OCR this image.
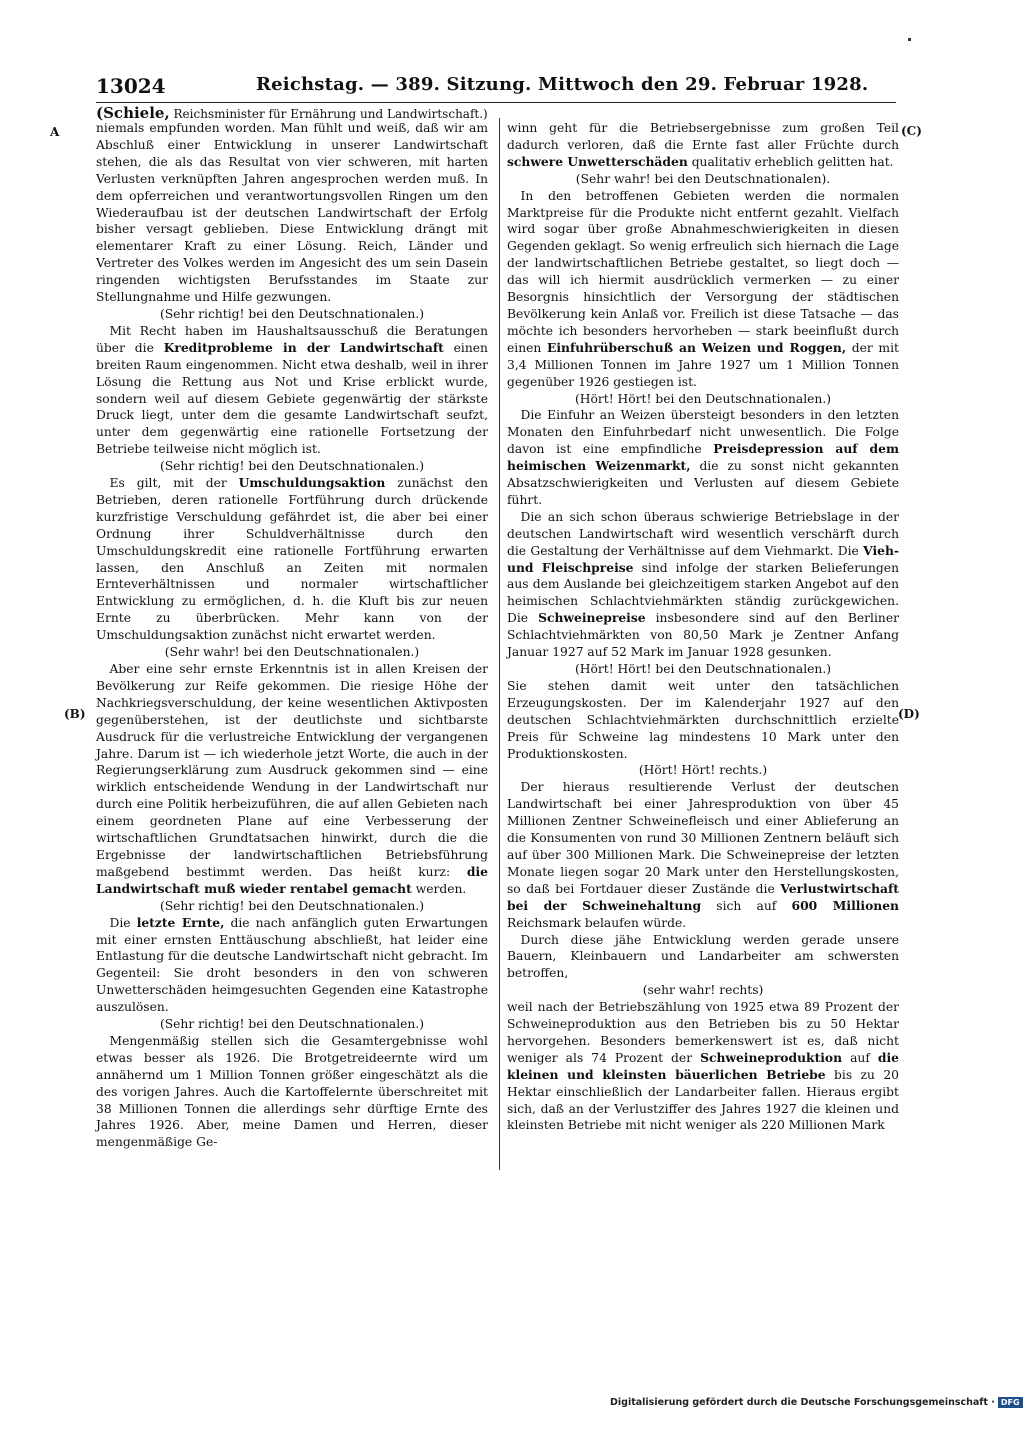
13024	Reichstag. — 389. Sitzung. Mittwoch den 29. Februar 1928.
(Schiele, Reichsminister für Ernährung und Landwirtschaft.)
A
(B)
(C)
(D)

niemals empfunden worden. Man fühlt und weiß, daß wir am Abschluß einer Entwicklung in unserer Landwirtschaft stehen, die als das Resultat von vier schweren, mit harten Verlusten verknüpften Jahren angesprochen werden muß. In dem opferreichen und verantwortungsvollen Ringen um den Wiederaufbau ist der deutschen Landwirtschaft der Erfolg bisher versagt geblieben. Diese Entwicklung drängt mit elementarer Kraft zu einer Lösung. Reich, Länder und Vertreter des Volkes werden im Angesicht des um sein Dasein ringenden wichtigsten Berufsstandes im Staate zur Stellungnahme und Hilfe gezwungen.

(Sehr richtig! bei den Deutschnationalen.)

Mit Recht haben im Haushaltsausschuß die Beratungen über die Kreditprobleme in der Landwirtschaft einen breiten Raum eingenommen. Nicht etwa deshalb, weil in ihrer Lösung die Rettung aus Not und Krise erblickt wurde, sondern weil auf diesem Gebiete gegenwärtig der stärkste Druck liegt, unter dem die gesamte Landwirtschaft seufzt, unter dem gegenwärtig eine rationelle Fortsetzung der Betriebe teilweise nicht möglich ist.

(Sehr richtig! bei den Deutschnationalen.)

Es gilt, mit der Umschuldungsaktion zunächst den Betrieben, deren rationelle Fortführung durch drückende kurzfristige Verschuldung gefährdet ist, die aber bei einer Ordnung ihrer Schuldverhältnisse durch den Umschuldungskredit eine rationelle Fortführung erwarten lassen, den Anschluß an Zeiten mit normalen Ernteverhältnissen und normaler wirtschaftlicher Entwicklung zu ermöglichen, d. h. die Kluft bis zur neuen Ernte zu überbrücken. Mehr kann von der Umschuldungsaktion zunächst nicht erwartet werden.

(Sehr wahr! bei den Deutschnationalen.)

Aber eine sehr ernste Erkenntnis ist in allen Kreisen der Bevölkerung zur Reife gekommen. Die riesige Höhe der Nachkriegsverschuldung, der keine wesentlichen Aktivposten gegenüberstehen, ist der deutlichste und sichtbarste Ausdruck für die verlustreiche Entwicklung der vergangenen Jahre. Darum ist — ich wiederhole jetzt Worte, die auch in der Regierungserklärung zum Ausdruck gekommen sind — eine wirklich entscheidende Wendung in der Landwirtschaft nur durch eine Politik herbeizuführen, die auf allen Gebieten nach einem geordneten Plane auf eine Verbesserung der wirtschaftlichen Grundtatsachen hinwirkt, durch die die Ergebnisse der landwirtschaftlichen Betriebsführung maßgebend bestimmt werden. Das heißt kurz: die Landwirtschaft muß wieder rentabel gemacht werden.

(Sehr richtig! bei den Deutschnationalen.)

Die letzte Ernte, die nach anfänglich guten Erwartungen mit einer ernsten Enttäuschung abschließt, hat leider eine Entlastung für die deutsche Landwirtschaft nicht gebracht. Im Gegenteil: Sie droht besonders in den von schweren Unwetterschäden heimgesuchten Gegenden eine Katastrophe auszulösen.

(Sehr richtig! bei den Deutschnationalen.)

Mengenmäßig stellen sich die Gesamtergebnisse wohl etwas besser als 1926. Die Brotgetreideernte wird um annähernd um 1 Million Tonnen größer eingeschätzt als die des vorigen Jahres. Auch die Kartoffelernte überschreitet mit 38 Millionen Tonnen die allerdings sehr dürftige Ernte des Jahres 1926. Aber, meine Damen und Herren, dieser mengenmäßige Ge-

winn geht für die Betriebsergebnisse zum großen Teil dadurch verloren, daß die Ernte fast aller Früchte durch schwere Unwetterschäden qualitativ erheblich gelitten hat.

(Sehr wahr! bei den Deutschnationalen).

In den betroffenen Gebieten werden die normalen Marktpreise für die Produkte nicht entfernt gezahlt. Vielfach wird sogar über große Abnahmeschwierigkeiten in diesen Gegenden geklagt. So wenig erfreulich sich hiernach die Lage der landwirtschaftlichen Betriebe gestaltet, so liegt doch — das will ich hiermit ausdrücklich vermerken — zu einer Besorgnis hinsichtlich der Versorgung der städtischen Bevölkerung kein Anlaß vor. Freilich ist diese Tatsache — das möchte ich besonders hervorheben — stark beeinflußt durch einen Einfuhrüberschuß an Weizen und Roggen, der mit 3,4 Millionen Tonnen im Jahre 1927 um 1 Million Tonnen gegenüber 1926 gestiegen ist.

(Hört! Hört! bei den Deutschnationalen.)

Die Einfuhr an Weizen übersteigt besonders in den letzten Monaten den Einfuhrbedarf nicht unwesentlich. Die Folge davon ist eine empfindliche Preisdepression auf dem heimischen Weizenmarkt, die zu sonst nicht gekannten Absatzschwierigkeiten und Verlusten auf diesem Gebiete führt.

Die an sich schon überaus schwierige Betriebslage in der deutschen Landwirtschaft wird wesentlich verschärft durch die Gestaltung der Verhältnisse auf dem Viehmarkt. Die Vieh- und Fleischpreise sind infolge der starken Belieferungen aus dem Auslande bei gleichzeitigem starken Angebot auf den heimischen Schlachtviehmärkten ständig zurückgewichen. Die Schweinepreise insbesondere sind auf den Berliner Schlachtviehmärkten von 80,50 Mark je Zentner Anfang Januar 1927 auf 52 Mark im Januar 1928 gesunken.

(Hört! Hört! bei den Deutschnationalen.)

Sie stehen damit weit unter den tatsächlichen Erzeugungskosten. Der im Kalenderjahr 1927 auf den deutschen Schlachtviehmärkten durchschnittlich erzielte Preis für Schweine lag mindestens 10 Mark unter den Produktionskosten.

(Hört! Hört! rechts.)

Der hieraus resultierende Verlust der deutschen Landwirtschaft bei einer Jahresproduktion von über 45 Millionen Zentner Schweinefleisch und einer Ablieferung an die Konsumenten von rund 30 Millionen Zentnern beläuft sich auf über 300 Millionen Mark. Die Schweinepreise der letzten Monate liegen sogar 20 Mark unter den Herstellungskosten, so daß bei Fortdauer dieser Zustände die Verlustwirtschaft bei der Schweinehaltung sich auf 600 Millionen Reichsmark belaufen würde.

Durch diese jähe Entwicklung werden gerade unsere Bauern, Kleinbauern und Landarbeiter am schwersten betroffen,

(sehr wahr! rechts)

weil nach der Betriebszählung von 1925 etwa 89 Prozent der Schweineproduktion aus den Betrieben bis zu 50 Hektar hervorgehen. Besonders bemerkenswert ist es, daß nicht weniger als 74 Prozent der Schweineproduktion auf die kleinen und kleinsten bäuerlichen Betriebe bis zu 20 Hektar einschließlich der Landarbeiter fallen. Hieraus ergibt sich, daß an der Verlustziffer des Jahres 1927 die kleinen und kleinsten Betriebe mit nicht weniger als 220 Millionen Mark

Digitalisierung gefördert durch die Deutsche Forschungsgemeinschaft · DFG
